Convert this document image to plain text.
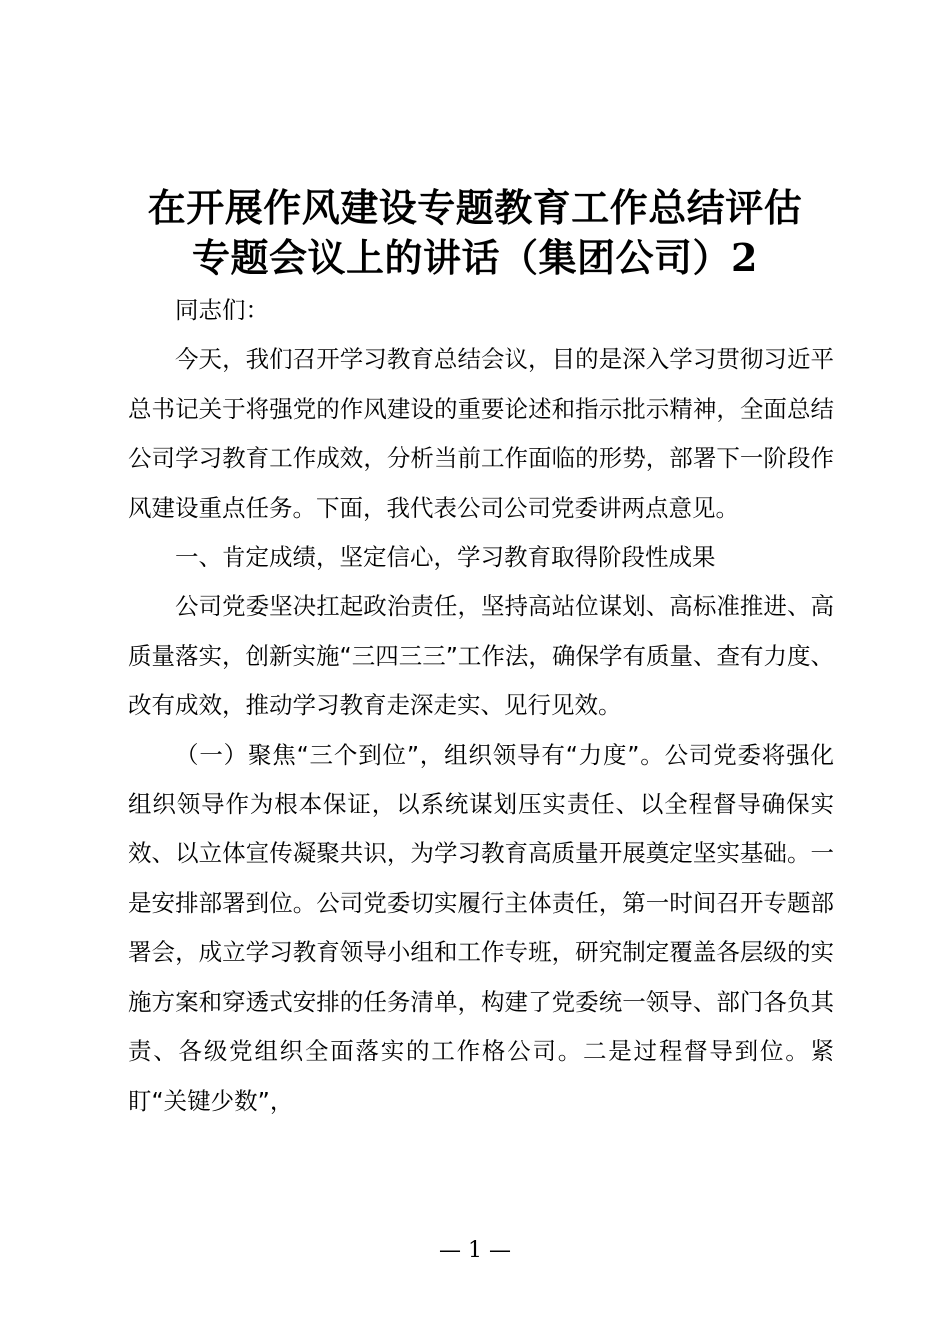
在开展作风建设专题教育工作总结评估
专题会议上的讲话（集团公司）2

同志们：

今天，我们召开学习教育总结会议，目的是深入学习贯彻习近平总书记关于将强党的作风建设的重要论述和指示批示精神，全面总结公司学习教育工作成效，分析当前工作面临的形势，部署下一阶段作风建设重点任务。下面，我代表公司公司党委讲两点意见。

一、肯定成绩，坚定信心，学习教育取得阶段性成果

公司党委坚决扛起政治责任，坚持高站位谋划、高标准推进、高质量落实，创新实施“三四三三”工作法，确保学有质量、查有力度、改有成效，推动学习教育走深走实、见行见效。

（一）聚焦“三个到位”，组织领导有“力度”。公司党委将强化组织领导作为根本保证，以系统谋划压实责任、以全程督导确保实效、以立体宣传凝聚共识，为学习教育高质量开展奠定坚实基础。一是安排部署到位。公司党委切实履行主体责任，第一时间召开专题部署会，成立学习教育领导小组和工作专班，研究制定覆盖各层级的实施方案和穿透式安排的任务清单，构建了党委统一领导、部门各负其责、各级党组织全面落实的工作格公司。二是过程督导到位。紧盯“关键少数”，

— 1 —
